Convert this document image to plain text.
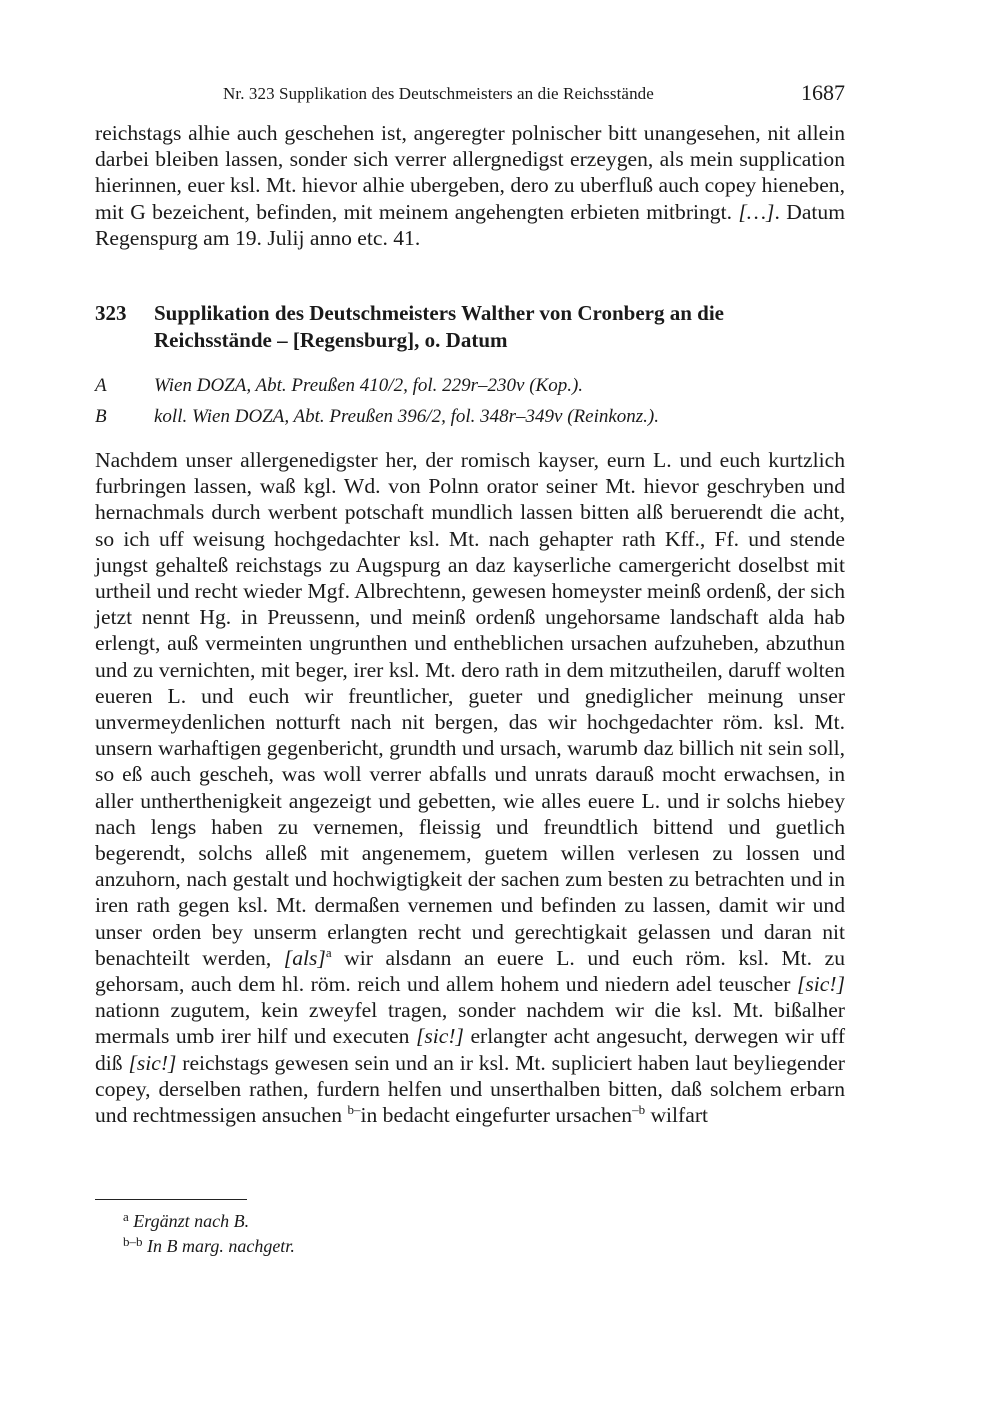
Nr. 323 Supplikation des Deutschmeisters an die Reichsstände	1687

reichstags alhie auch geschehen ist, angeregter polnischer bitt unangesehen, nit allein darbei bleiben lassen, sonder sich verrer allergnedigst erzeygen, als mein supplication hierinnen, euer ksl. Mt. hievor alhie ubergeben, dero zu uberfluß auch copey hieneben, mit G bezeichent, befinden, mit meinem angehengten erbieten mitbringt. […]. Datum Regenspurg am 19. Julij anno etc. 41.

323 Supplikation des Deutschmeisters Walther von Cronberg an die Reichsstände – [Regensburg], o. Datum
A Wien DOZA, Abt. Preußen 410/2, fol. 229r–230v (Kop.).
B koll. Wien DOZA, Abt. Preußen 396/2, fol. 348r–349v (Reinkonz.).

Nachdem unser allergenedigster her, der romisch kayser, eurn L. und euch kurtzlich furbringen lassen, waß kgl. Wd. von Polnn orator seiner Mt. hievor geschryben und hernachmals durch werbent potschaft mundlich lassen bitten alß beruerendt die acht, so ich uff weisung hochgedachter ksl. Mt. nach gehapter rath Kff., Ff. und stende jungst gehalteß reichstags zu Augspurg an daz kayserliche camergericht doselbst mit urtheil und recht wieder Mgf. Albrechtenn, gewesen homeyster meinß ordenß, der sich jetzt nennt Hg. in Preussenn, und meinß ordenß ungehorsame landschaft alda hab erlengt, auß vermeinten ungrunthen und entheblichen ursachen aufzuheben, abzuthun und zu vernichten, mit beger, irer ksl. Mt. dero rath in dem mitzutheilen, daruff wolten eueren L. und euch wir freuntlicher, gueter und gnediglicher meinung unser unvermeydenlichen notturft nach nit bergen, das wir hochgedachter röm. ksl. Mt. unsern warhaftigen gegenbericht, grundth und ursach, warumb daz billich nit sein soll, so eß auch gescheh, was woll verrer abfalls und unrats darauß mocht erwachsen, in aller untherthenigkeit angezeigt und gebetten, wie alles euere L. und ir solchs hiebey nach lengs haben zu vernemen, fleissig und freundtlich bittend und guetlich begerendt, solchs alleß mit angenemem, guetem willen verlesen zu lossen und anzuhorn, nach gestalt und hochwigtigkeit der sachen zum besten zu betrachten und in iren rath gegen ksl. Mt. dermaßen vernemen und befinden zu lassen, damit wir und unser orden bey unserm erlangten recht und gerechtigkait gelassen und daran nit benachteilt werden, [als]$^a$ wir alsdann an euere L. und euch röm. ksl. Mt. zu gehorsam, auch dem hl. röm. reich und allem hohem und niedern adel teuscher [sic!] nationn zugutem, kein zweyfel tragen, sonder nachdem wir die ksl. Mt. bißalher mermals umb irer hilf und executen [sic!] erlangter acht angesucht, derwegen wir uff diß [sic!] reichstags gewesen sein und an ir ksl. Mt. supliciert haben laut beyliegender copey, derselben rathen, furdern helfen und unserthalben bitten, daß solchem erbarn und rechtmessigen ansuchen $^{b-}$in bedacht eingefurter ursachen$^{-b}$ wilfart

$^a$ Ergänzt nach B.
$^{b-b}$ In B marg. nachgetr.
